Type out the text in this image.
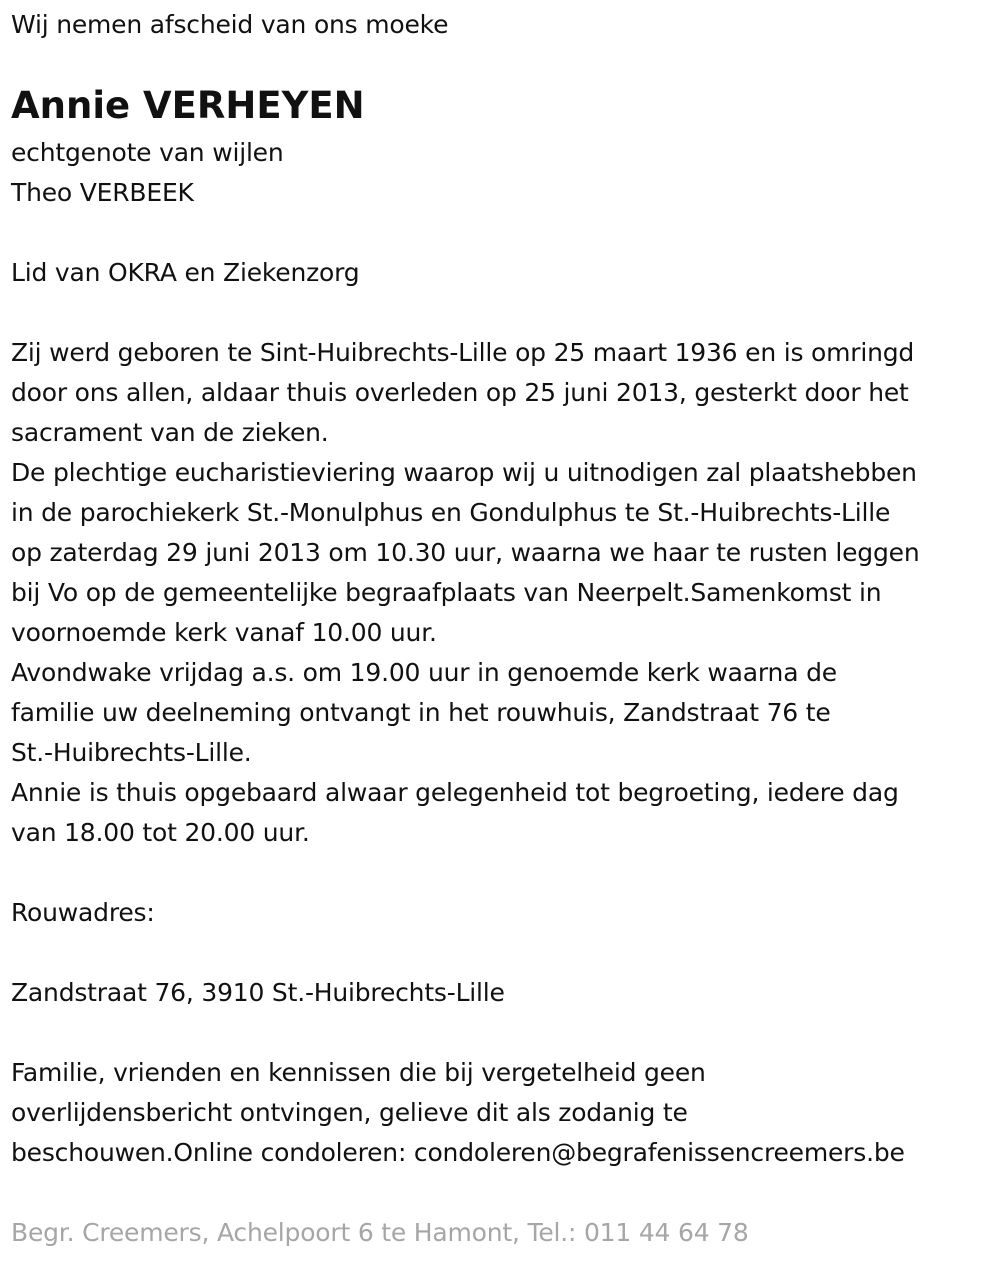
Wij nemen afscheid van ons moeke
Annie VERHEYEN
echtgenote van wijlen
Theo VERBEEK
Lid van OKRA en Ziekenzorg
Zij werd geboren te Sint-Huibrechts-Lille op 25 maart 1936 en is omringd
door ons allen, aldaar thuis overleden op 25 juni 2013, gesterkt door het
sacrament van de zieken.
De plechtige eucharistieviering waarop wij u uitnodigen zal plaatshebben
in de parochiekerk St.-Monulphus en Gondulphus te St.-Huibrechts-Lille
op zaterdag 29 juni 2013 om 10.30 uur, waarna we haar te rusten leggen
bij Vo op de gemeentelijke begraafplaats van Neerpelt.Samenkomst in
voornoemde kerk vanaf 10.00 uur.
Avondwake vrijdag a.s. om 19.00 uur in genoemde kerk waarna de
familie uw deelneming ontvangt in het rouwhuis, Zandstraat 76 te
St.-Huibrechts-Lille.
Annie is thuis opgebaard alwaar gelegenheid tot begroeting, iedere dag
van 18.00 tot 20.00 uur.
Rouwadres:
Zandstraat 76, 3910 St.-Huibrechts-Lille
Familie, vrienden en kennissen die bij vergetelheid geen
overlijdensbericht ontvingen, gelieve dit als zodanig te
beschouwen.Online condoleren: condoleren@begrafenissencreemers.be
Begr. Creemers, Achelpoort 6 te Hamont, Tel.: 011 44 64 78
